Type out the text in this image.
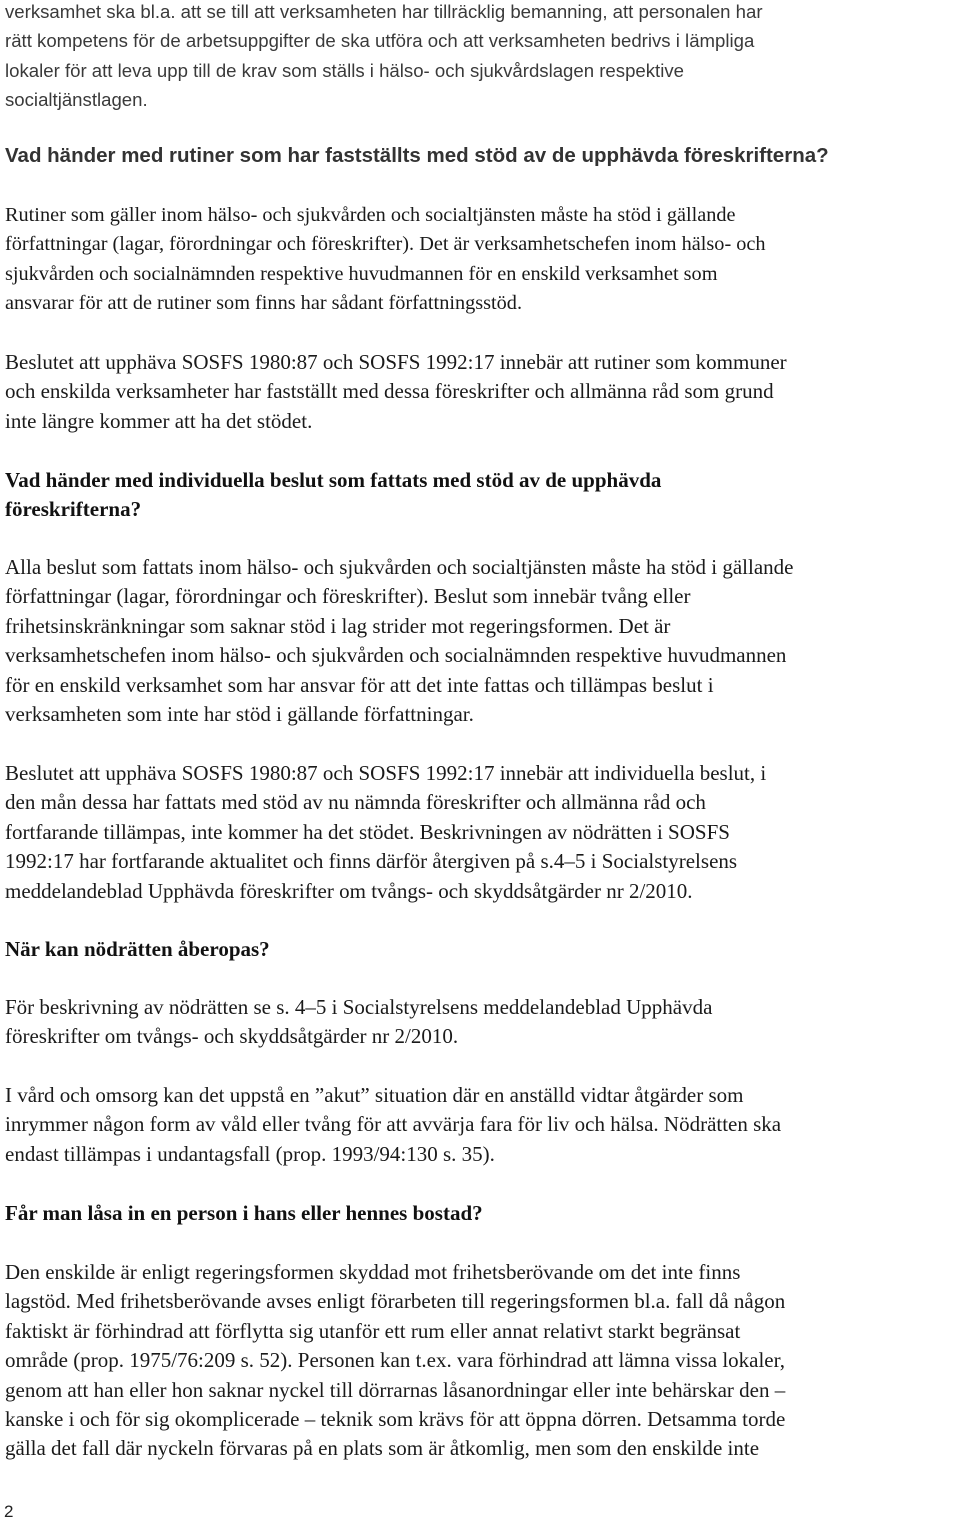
verksamhet ska bl.a. att se till att verksamheten har tillräcklig bemanning, att personalen har
rätt kompetens för de arbetsuppgifter de ska utföra och att verksamheten bedrivs i lämpliga
lokaler för att leva upp till de krav som ställs i hälso- och sjukvårdslagen respektive
socialtjänstlagen.

Vad händer med rutiner som har fastställts med stöd av de upphävda föreskrifterna?

Rutiner som gäller inom hälso- och sjukvården och socialtjänsten måste ha stöd i gällande
författningar (lagar, förordningar och föreskrifter). Det är verksamhetschefen inom hälso- och
sjukvården och socialnämnden respektive huvudmannen för en enskild verksamhet som
ansvarar för att de rutiner som finns har sådant författningsstöd.

Beslutet att upphäva SOSFS 1980:87 och SOSFS 1992:17 innebär att rutiner som kommuner
och enskilda verksamheter har fastställt med dessa föreskrifter och allmänna råd som grund
inte längre kommer att ha det stödet.

Vad händer med individuella beslut som fattats med stöd av de upphävda
föreskrifterna?

Alla beslut som fattats inom hälso- och sjukvården och socialtjänsten måste ha stöd i gällande
författningar (lagar, förordningar och föreskrifter). Beslut som innebär tvång eller
frihetsinskränkningar som saknar stöd i lag strider mot regeringsformen. Det är
verksamhetschefen inom hälso- och sjukvården och socialnämnden respektive huvudmannen
för en enskild verksamhet som har ansvar för att det inte fattas och tillämpas beslut i
verksamheten som inte har stöd i gällande författningar.

Beslutet att upphäva SOSFS 1980:87 och SOSFS 1992:17 innebär att individuella beslut, i
den mån dessa har fattats med stöd av nu nämnda föreskrifter och allmänna råd och
fortfarande tillämpas, inte kommer ha det stödet. Beskrivningen av nödrätten i SOSFS
1992:17 har fortfarande aktualitet och finns därför återgiven på s.4–5 i Socialstyrelsens
meddelandeblad Upphävda föreskrifter om tvångs- och skyddsåtgärder nr 2/2010.

När kan nödrätten åberopas?

För beskrivning av nödrätten se s. 4–5 i Socialstyrelsens meddelandeblad Upphävda
föreskrifter om tvångs- och skyddsåtgärder nr 2/2010.

I vård och omsorg kan det uppstå en ”akut” situation där en anställd vidtar åtgärder som
inrymmer någon form av våld eller tvång för att avvärja fara för liv och hälsa. Nödrätten ska
endast tillämpas i undantagsfall (prop. 1993/94:130 s. 35).

Får man låsa in en person i hans eller hennes bostad?

Den enskilde är enligt regeringsformen skyddad mot frihetsberövande om det inte finns
lagstöd. Med frihetsberövande avses enligt förarbeten till regeringsformen bl.a. fall då någon
faktiskt är förhindrad att förflytta sig utanför ett rum eller annat relativt starkt begränsat
område (prop. 1975/76:209 s. 52). Personen kan t.ex. vara förhindrad att lämna vissa lokaler,
genom att han eller hon saknar nyckel till dörrarnas låsanordningar eller inte behärskar den –
kanske i och för sig okomplicerade – teknik som krävs för att öppna dörren. Detsamma torde
gälla det fall där nyckeln förvaras på en plats som är åtkomlig, men som den enskilde inte

2
